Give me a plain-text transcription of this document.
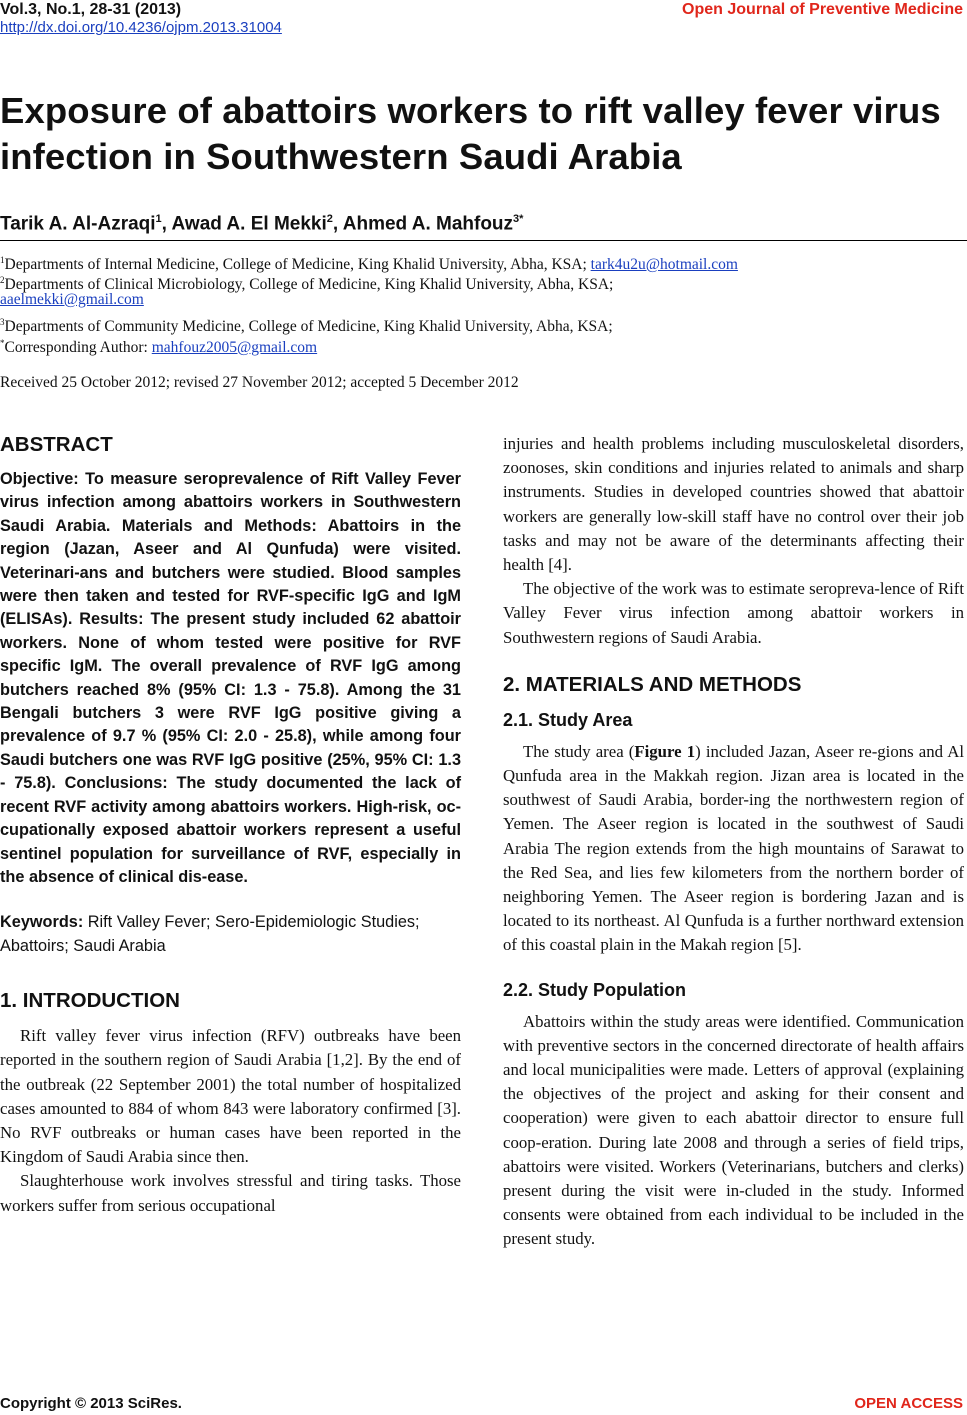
Vol.3, No.1, 28-31 (2013)
http://dx.doi.org/10.4236/ojpm.2013.31004
Open Journal of Preventive Medicine
Exposure of abattoirs workers to rift valley fever virus infection in Southwestern Saudi Arabia
Tarik A. Al-Azraqi$^1$, Awad A. El Mekki$^2$, Ahmed A. Mahfouz$^{3*}$
$^1$Departments of Internal Medicine, College of Medicine, King Khalid University, Abha, KSA; tark4u2u@hotmail.com
$^2$Departments of Clinical Microbiology, College of Medicine, King Khalid University, Abha, KSA;
aaelmekki@gmail.com
$^3$Departments of Community Medicine, College of Medicine, King Khalid University, Abha, KSA;
*Corresponding Author: mahfouz2005@gmail.com
Received 25 October 2012; revised 27 November 2012; accepted 5 December 2012
ABSTRACT

Objective: To measure seroprevalence of Rift Valley Fever virus infection among abattoirs workers in Southwestern Saudi Arabia. Materials and Methods: Abattoirs in the region (Jazan, Aseer and Al Qunfuda) were visited. Veterinari-ans and butchers were studied. Blood samples were then taken and tested for RVF-specific IgG and IgM (ELISAs). Results: The present study included 62 abattoir workers. None of whom tested were positive for RVF specific IgM. The overall prevalence of RVF IgG among butchers reached 8% (95% CI: 1.3 - 75.8). Among the 31 Bengali butchers 3 were RVF IgG positive giving a prevalence of 9.7 % (95% CI: 2.0 - 25.8), while among four Saudi butchers one was RVF IgG positive (25%, 95% CI: 1.3 - 75.8). Conclusions: The study documented the lack of recent RVF activity among abattoirs workers. High-risk, oc-cupationally exposed abattoir workers represent a useful sentinel population for surveillance of RVF, especially in the absence of clinical dis-ease.

Keywords: Rift Valley Fever; Sero-Epidemiologic Studies; Abattoirs; Saudi Arabia

1. INTRODUCTION

Rift valley fever virus infection (RFV) outbreaks have been reported in the southern region of Saudi Arabia [1,2]. By the end of the outbreak (22 September 2001) the total number of hospitalized cases amounted to 884 of whom 843 were laboratory confirmed [3]. No RVF outbreaks or human cases have been reported in the Kingdom of Saudi Arabia since then.

Slaughterhouse work involves stressful and tiring tasks. Those workers suffer from serious occupational

injuries and health problems including musculoskeletal disorders, zoonoses, skin conditions and injuries related to animals and sharp instruments. Studies in developed countries showed that abattoir workers are generally low-skill staff have no control over their job tasks and may not be aware of the determinants affecting their health [4].

The objective of the work was to estimate seropreva-lence of Rift Valley Fever virus infection among abattoir workers in Southwestern regions of Saudi Arabia.

2. MATERIALS AND METHODS
2.1. Study Area

The study area (Figure 1) included Jazan, Aseer re-gions and Al Qunfuda area in the Makkah region. Jizan area is located in the southwest of Saudi Arabia, border-ing the northwestern region of Yemen. The Aseer region is located in the southwest of Saudi Arabia The region extends from the high mountains of Sarawat to the Red Sea, and lies few kilometers from the northern border of neighboring Yemen. The Aseer region is bordering Jazan and is located to its northeast. Al Qunfuda is a further northward extension of this coastal plain in the Makah region [5].

2.2. Study Population

Abattoirs within the study areas were identified. Communication with preventive sectors in the concerned directorate of health affairs and local municipalities were made. Letters of approval (explaining the objectives of the project and asking for their consent and cooperation) were given to each abattoir director to ensure full coop-eration. During late 2008 and through a series of field trips, abattoirs were visited. Workers (Veterinarians, butchers and clerks) present during the visit were in-cluded in the study. Informed consents were obtained from each individual to be included in the present study.

Copyright © 2013 SciRes.	OPEN ACCESS
